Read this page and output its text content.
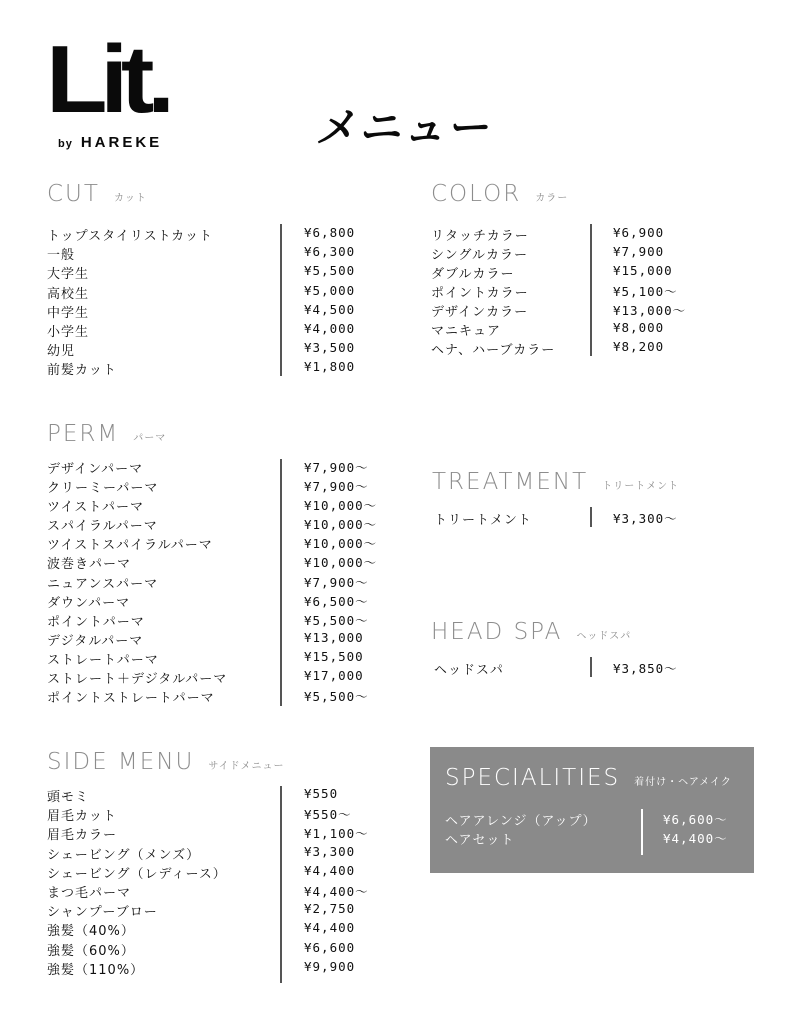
Lit.
by HAREKE	メニュー
CUT カット
トップスタイリストカット	¥6,800
一般	¥6,300
大学生	¥5,500
高校生	¥5,000
中学生	¥4,500
小学生	¥4,000
幼児	¥3,500
前髪カット	¥1,800
COLOR カラー
リタッチカラー	¥6,900
シングルカラー	¥7,900
ダブルカラー	¥15,000
ポイントカラー	¥5,100〜
デザインカラー	¥13,000〜
マニキュア	¥8,000
ヘナ、ハーブカラー	¥8,200
PERM パーマ
デザインパーマ	¥7,900〜
クリーミーパーマ	¥7,900〜
ツイストパーマ	¥10,000〜
スパイラルパーマ	¥10,000〜
ツイストスパイラルパーマ	¥10,000〜
波巻きパーマ	¥10,000〜
ニュアンスパーマ	¥7,900〜
ダウンパーマ	¥6,500〜
ポイントパーマ	¥5,500〜
デジタルパーマ	¥13,000
ストレートパーマ	¥15,500
ストレート＋デジタルパーマ	¥17,000
ポイントストレートパーマ	¥5,500〜
TREATMENT トリートメント
トリートメント	¥3,300〜
HEAD SPA ヘッドスパ
ヘッドスパ	¥3,850〜
SIDE MENU サイドメニュー
頭モミ	¥550
眉毛カット	¥550〜
眉毛カラー	¥1,100〜
シェービング（メンズ）	¥3,300
シェービング（レディース）	¥4,400
まつ毛パーマ	¥4,400〜
シャンプーブロー	¥2,750
強髪（40%）	¥4,400
強髪（60%）	¥6,600
強髪（110%）	¥9,900
SPECIALITIES 着付け・ヘアメイク
ヘアアレンジ（アップ）	¥6,600〜
ヘアセット	¥4,400〜
